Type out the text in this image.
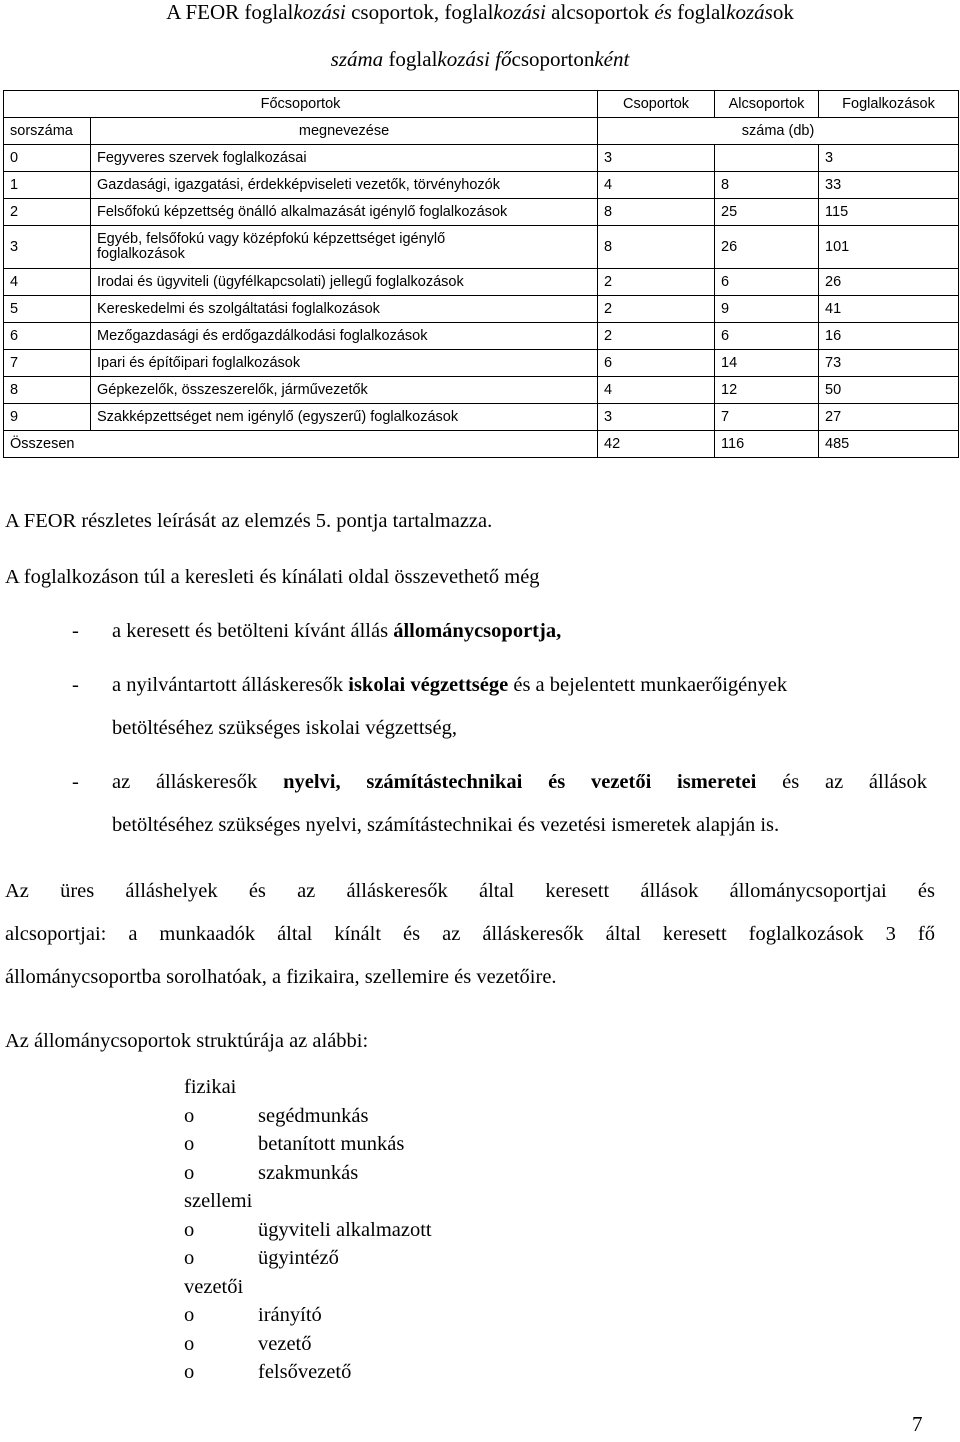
A FEOR foglalkozási csoportok, foglalkozási alcsoportok és foglalkozások
száma foglalkozási főcsoportonként
Főcsoportok		Csoportok	Alcsoportok	Foglalkozások
sorszáma	megnevezése	száma (db)		
0	Fegyveres szervek foglalkozásai	3		3
1	Gazdasági, igazgatási, érdekképviseleti vezetők, törvényhozók	4	8	33
2	Felsőfokú képzettség önálló alkalmazását igénylő foglalkozások	8	25	115
3	Egyéb, felsőfokú vagy középfokú képzettséget igénylő
foglalkozások	8	26	101
4	Irodai és ügyviteli (ügyfélkapcsolati) jellegű foglalkozások	2	6	26
5	Kereskedelmi és szolgáltatási foglalkozások	2	9	41
6	Mezőgazdasági és erdőgazdálkodási foglalkozások	2	6	16
7	Ipari és építőipari foglalkozások	6	14	73
8	Gépkezelők, összeszerelők, járművezetők	4	12	50
9	Szakképzettséget nem igénylő (egyszerű) foglalkozások	3	7	27
Összesen		42	116	485
A FEOR részletes leírását az elemzés 5. pontja tartalmazza.
A foglalkozáson túl a keresleti és kínálati oldal összevethető még
- a keresett és betölteni kívánt állás állománycsoportja,
- a nyilvántartott álláskeresők iskolai végzettsége és a bejelentett munkaerőigények
betöltéséhez szükséges iskolai végzettség,
- az álláskeresők nyelvi, számítástechnikai és vezetői ismeretei és az állások
betöltéséhez szükséges nyelvi, számítástechnikai és vezetési ismeretek alapján is.
Az üres álláshelyek és az álláskeresők által keresett állások állománycsoportjai és
alcsoportjai: a munkaadók által kínált és az álláskeresők által keresett foglalkozások 3 fő
állománycsoportba sorolhatóak, a fizikaira, szellemire és vezetőire.
Az állománycsoportok struktúrája az alábbi:
fizikai
o	segédmunkás
o	betanított munkás
o	szakmunkás
szellemi
o	ügyviteli alkalmazott
o	ügyintéző
vezetői
o	irányító
o	vezető
o	felsővezető
7
